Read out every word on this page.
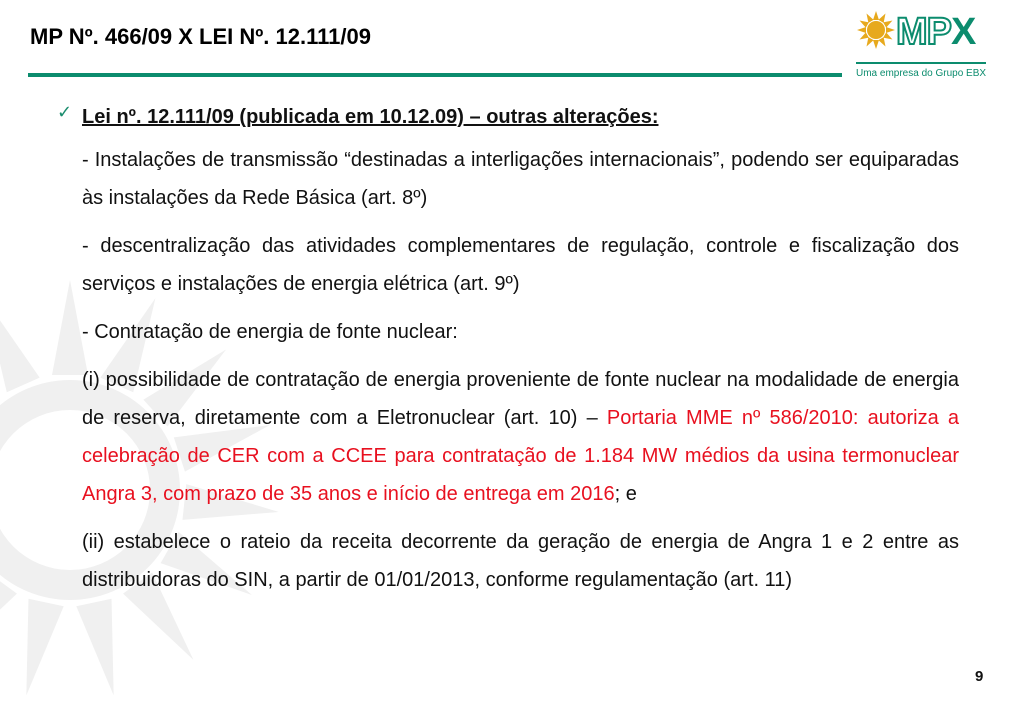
MP Nº. 466/09 X LEI Nº. 12.111/09	MPX
Uma empresa do Grupo EBX
✓ Lei nº. 12.111/09 (publicada em 10.12.09) – outras alterações:

- Instalações de transmissão “destinadas a interligações internacionais”, podendo ser equiparadas às instalações da Rede Básica (art. 8º)

- descentralização das atividades complementares de regulação, controle e fiscalização dos serviços e instalações de energia elétrica (art. 9º)

- Contratação de energia de fonte nuclear:

(i) possibilidade de contratação de energia proveniente de fonte nuclear na modalidade de energia de reserva, diretamente com a Eletronuclear (art. 10) – Portaria MME nº 586/2010: autoriza a celebração de CER com a CCEE para contratação de 1.184 MW médios da usina termonuclear Angra 3, com prazo de 35 anos e início de entrega em 2016; e

(ii) estabelece o rateio da receita decorrente da geração de energia de Angra 1 e 2 entre as distribuidoras do SIN, a partir de 01/01/2013, conforme regulamentação (art. 11)

9
